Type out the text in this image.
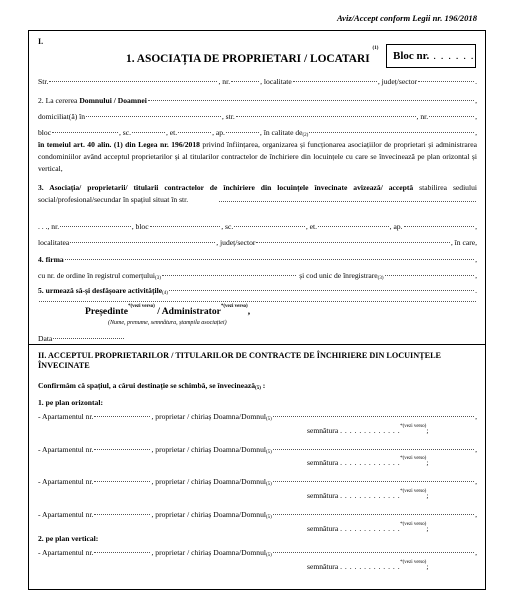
Aviz/Accept conform Legii nr. 196/2018
I.
1. ASOCIAȚIA DE PROPRIETARI / LOCATARI $^{(1)}$
Bloc nr. . . . . . .
Str.	, nr.	, localitate	, județ/sector	.
2. La cererea
Domnului / Doamnei	,
domiciliat(ă) în	, str.	, nr.	,
bloc	, sc.	, et.	, ap.	, în calitate $de^{(2)}$	,
în temeiul art. 40 alin. (1) din Legea nr. 196/2018 privind înființarea, organizarea și funcționarea asociațiilor de proprietari și administrarea condominiilor având acceptul proprietarilor și al titularilor contractelor de închiriere din locuințele cu care se învecinează pe plan orizontal și vertical,
3. Asociația/ proprietarii/ titularii contractelor de închiriere din locuințele învecinate avizează/ acceptă stabilirea sediului social/profesional/secundar în spațiul situat în str.
. . ., nr.	, bloc	, sc.	, et.	, ap.	,
localitatea	, județ/sector	, în care,
4. firma	,
cu nr. de ordine în registrul comerțului$^{(3)}$
	și cod unic de înregistrare$^{(3)}$	,
5. urmează să-și desfășoare activitățile$^{(4)}$	.
Președinte$^{*(vezi verso)}$ / Administrator$^{*(vezi verso)}$,
(Nume, prenume, semnătura, ștampila asociației)
Data
II. ACCEPTUL PROPRIETARILOR / TITULARILOR DE CONTRACTE DE ÎNCHIRIERE DIN LOCUINȚELE ÎNVECINATE
Confirmăm că spațiul, a cărui destinație se schimbă, se învecinează$^{(5)}$
:
1. pe plan orizontal:
- Apartamentul nr.	, proprietar / chiriaș Doamna/Domnul$^{(5)}$	,
semnătura . . . . . . . . . . . . .$^{*(vezi verso)}$;
- Apartamentul nr.	, proprietar / chiriaș Doamna/Domnul$^{(5)}$	,
semnătura . . . . . . . . . . . . .$^{*(vezi verso)}$;
- Apartamentul nr.	, proprietar / chiriaș Doamna/Domnul$^{(5)}$	,
semnătura . . . . . . . . . . . . .$^{*(vezi verso)}$;
- Apartamentul nr.	, proprietar / chiriaș Doamna/Domnul$^{(5)}$	,
semnătura . . . . . . . . . . . . .$^{*(vezi verso)}$;
2. pe plan vertical:
- Apartamentul nr.	, proprietar / chiriaș Doamna/Domnul$^{(5)}$	,
semnătura . . . . . . . . . . . . .$^{*(vezi verso)}$;
